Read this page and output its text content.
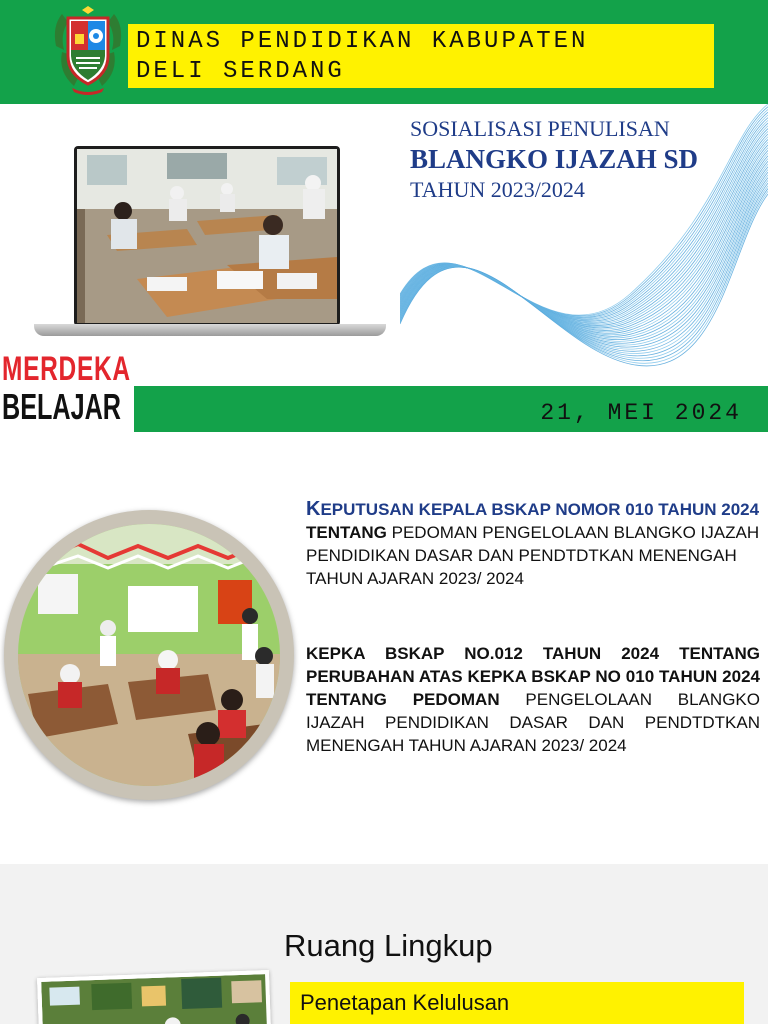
DINAS PENDIDIKAN KABUPATEN
DELI SERDANG
SOSIALISASI PENULISAN
BLANGKO IJAZAH SD
TAHUN 2023/2024
MERDEKA
BELAJAR	21, MEI 2024

KEPUTUSAN KEPALA BSKAP NOMOR 010 TAHUN 2024 TENTANG PEDOMAN PENGELOLAAN BLANGKO IJAZAH PENDIDIKAN DASAR DAN PENDTDTKAN MENENGAH TAHUN AJARAN 2023/ 2024

KEPKA BSKAP NO.012 TAHUN 2024 TENTANG PERUBAHAN ATAS KEPKA BSKAP NO 010 TAHUN 2024 TENTANG PEDOMAN PENGELOLAAN BLANGKO IJAZAH PENDIDIKAN DASAR DAN PENDTDTKAN MENENGAH TAHUN AJARAN 2023/ 2024

Ruang Lingkup
Penetapan Kelulusan
